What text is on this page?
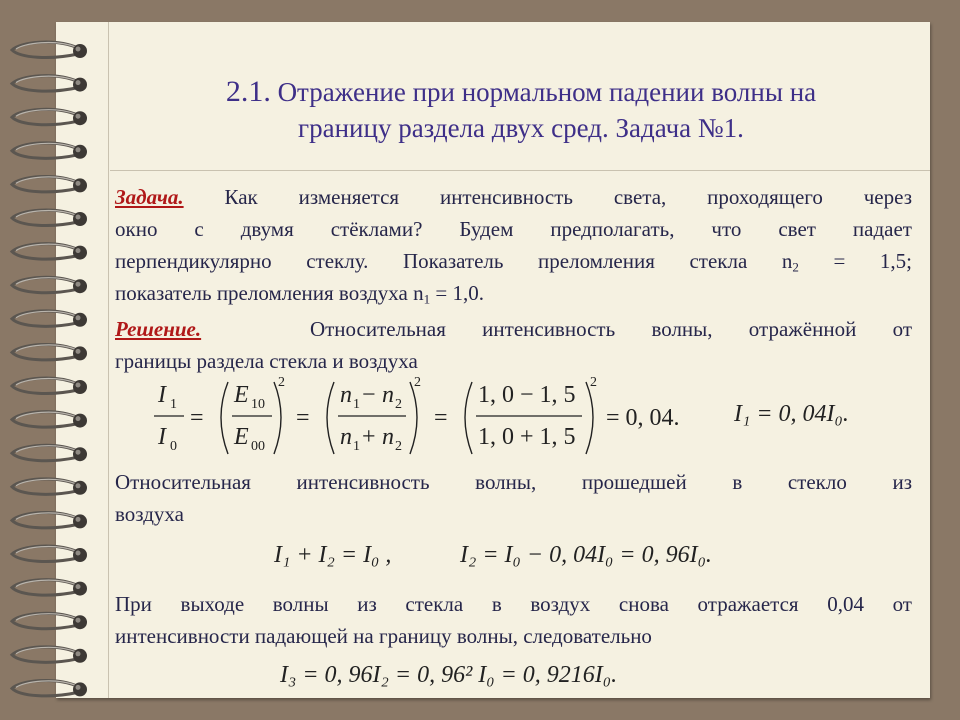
2.1. Отражение при нормальном падении волны на
границу раздела двух сред. Задача №1.
Задача. Как изменяется интенсивность света, проходящего через
окно с двумя стёклами? Будем предполагать, что свет падает
перпендикулярно стеклу. Показатель преломления стекла $n_2 = 1,5$;
показатель преломления воздуха $n_1 = 1,0$.
Решение.	Относительная интенсивность волны, отражённой от
границы раздела стекла и воздуха
I 1
I 0
=
E 10
E 00
2
=
n 1 − n 2
n 1 + n 2
2
=
1, 0 − 1, 5
1, 0 + 1, 5
2
= 0, 04. I₁ = 0, 04I₀.
Относительная интенсивность волны, прошедшей в стекло из
воздуха
I₁ + I₂ = I₀ ,	I₂ = I₀ − 0, 04I₀ = 0, 96I₀.
При выходе волны из стекла в воздух снова отражается 0,04 от
интенсивности падающей на границу волны, следовательно
I₃ = 0, 96I₂ = 0, 96² I₀ = 0, 9216I₀.
